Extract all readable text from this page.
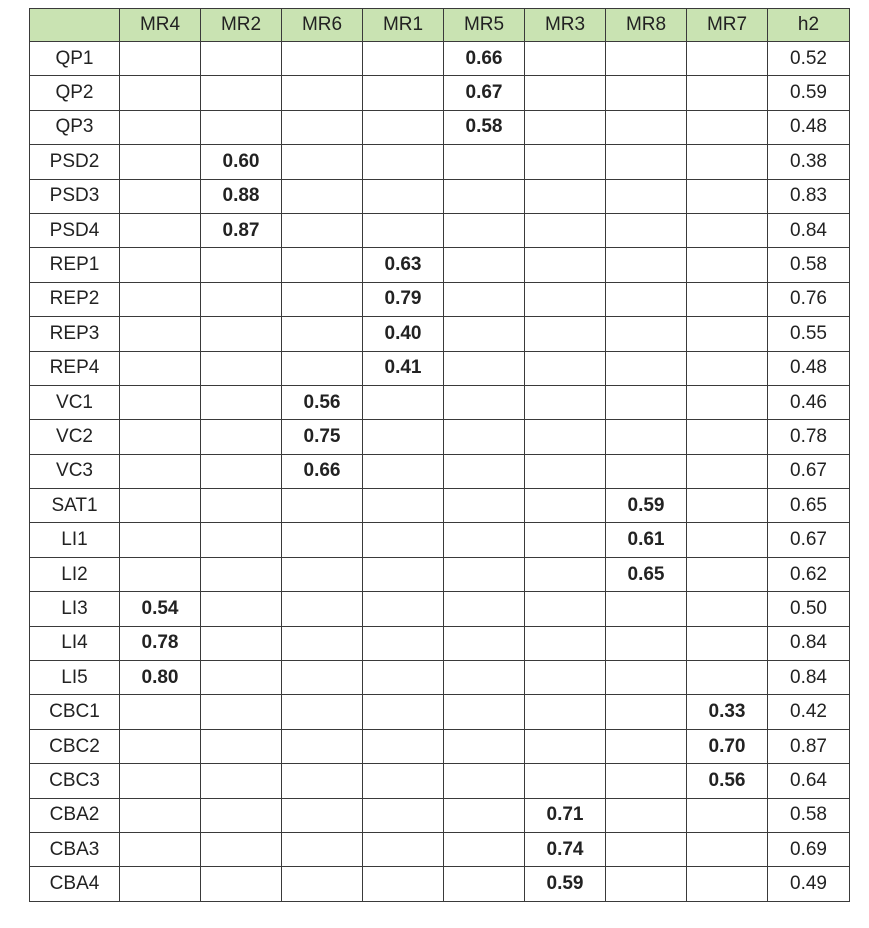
	MR4	MR2	MR6	MR1	MR5	MR3	MR8	MR7	h2
QP1					0.66				0.52
QP2					0.67				0.59
QP3					0.58				0.48
PSD2		0.60							0.38
PSD3		0.88							0.83
PSD4		0.87							0.84
REP1				0.63					0.58
REP2				0.79					0.76
REP3				0.40					0.55
REP4				0.41					0.48
VC1			0.56						0.46
VC2			0.75						0.78
VC3			0.66						0.67
SAT1							0.59		0.65
LI1							0.61		0.67
LI2							0.65		0.62
LI3	0.54								0.50
LI4	0.78								0.84
LI5	0.80								0.84
CBC1								0.33	0.42
CBC2								0.70	0.87
CBC3								0.56	0.64
CBA2						0.71			0.58
CBA3						0.74			0.69
CBA4						0.59			0.49
